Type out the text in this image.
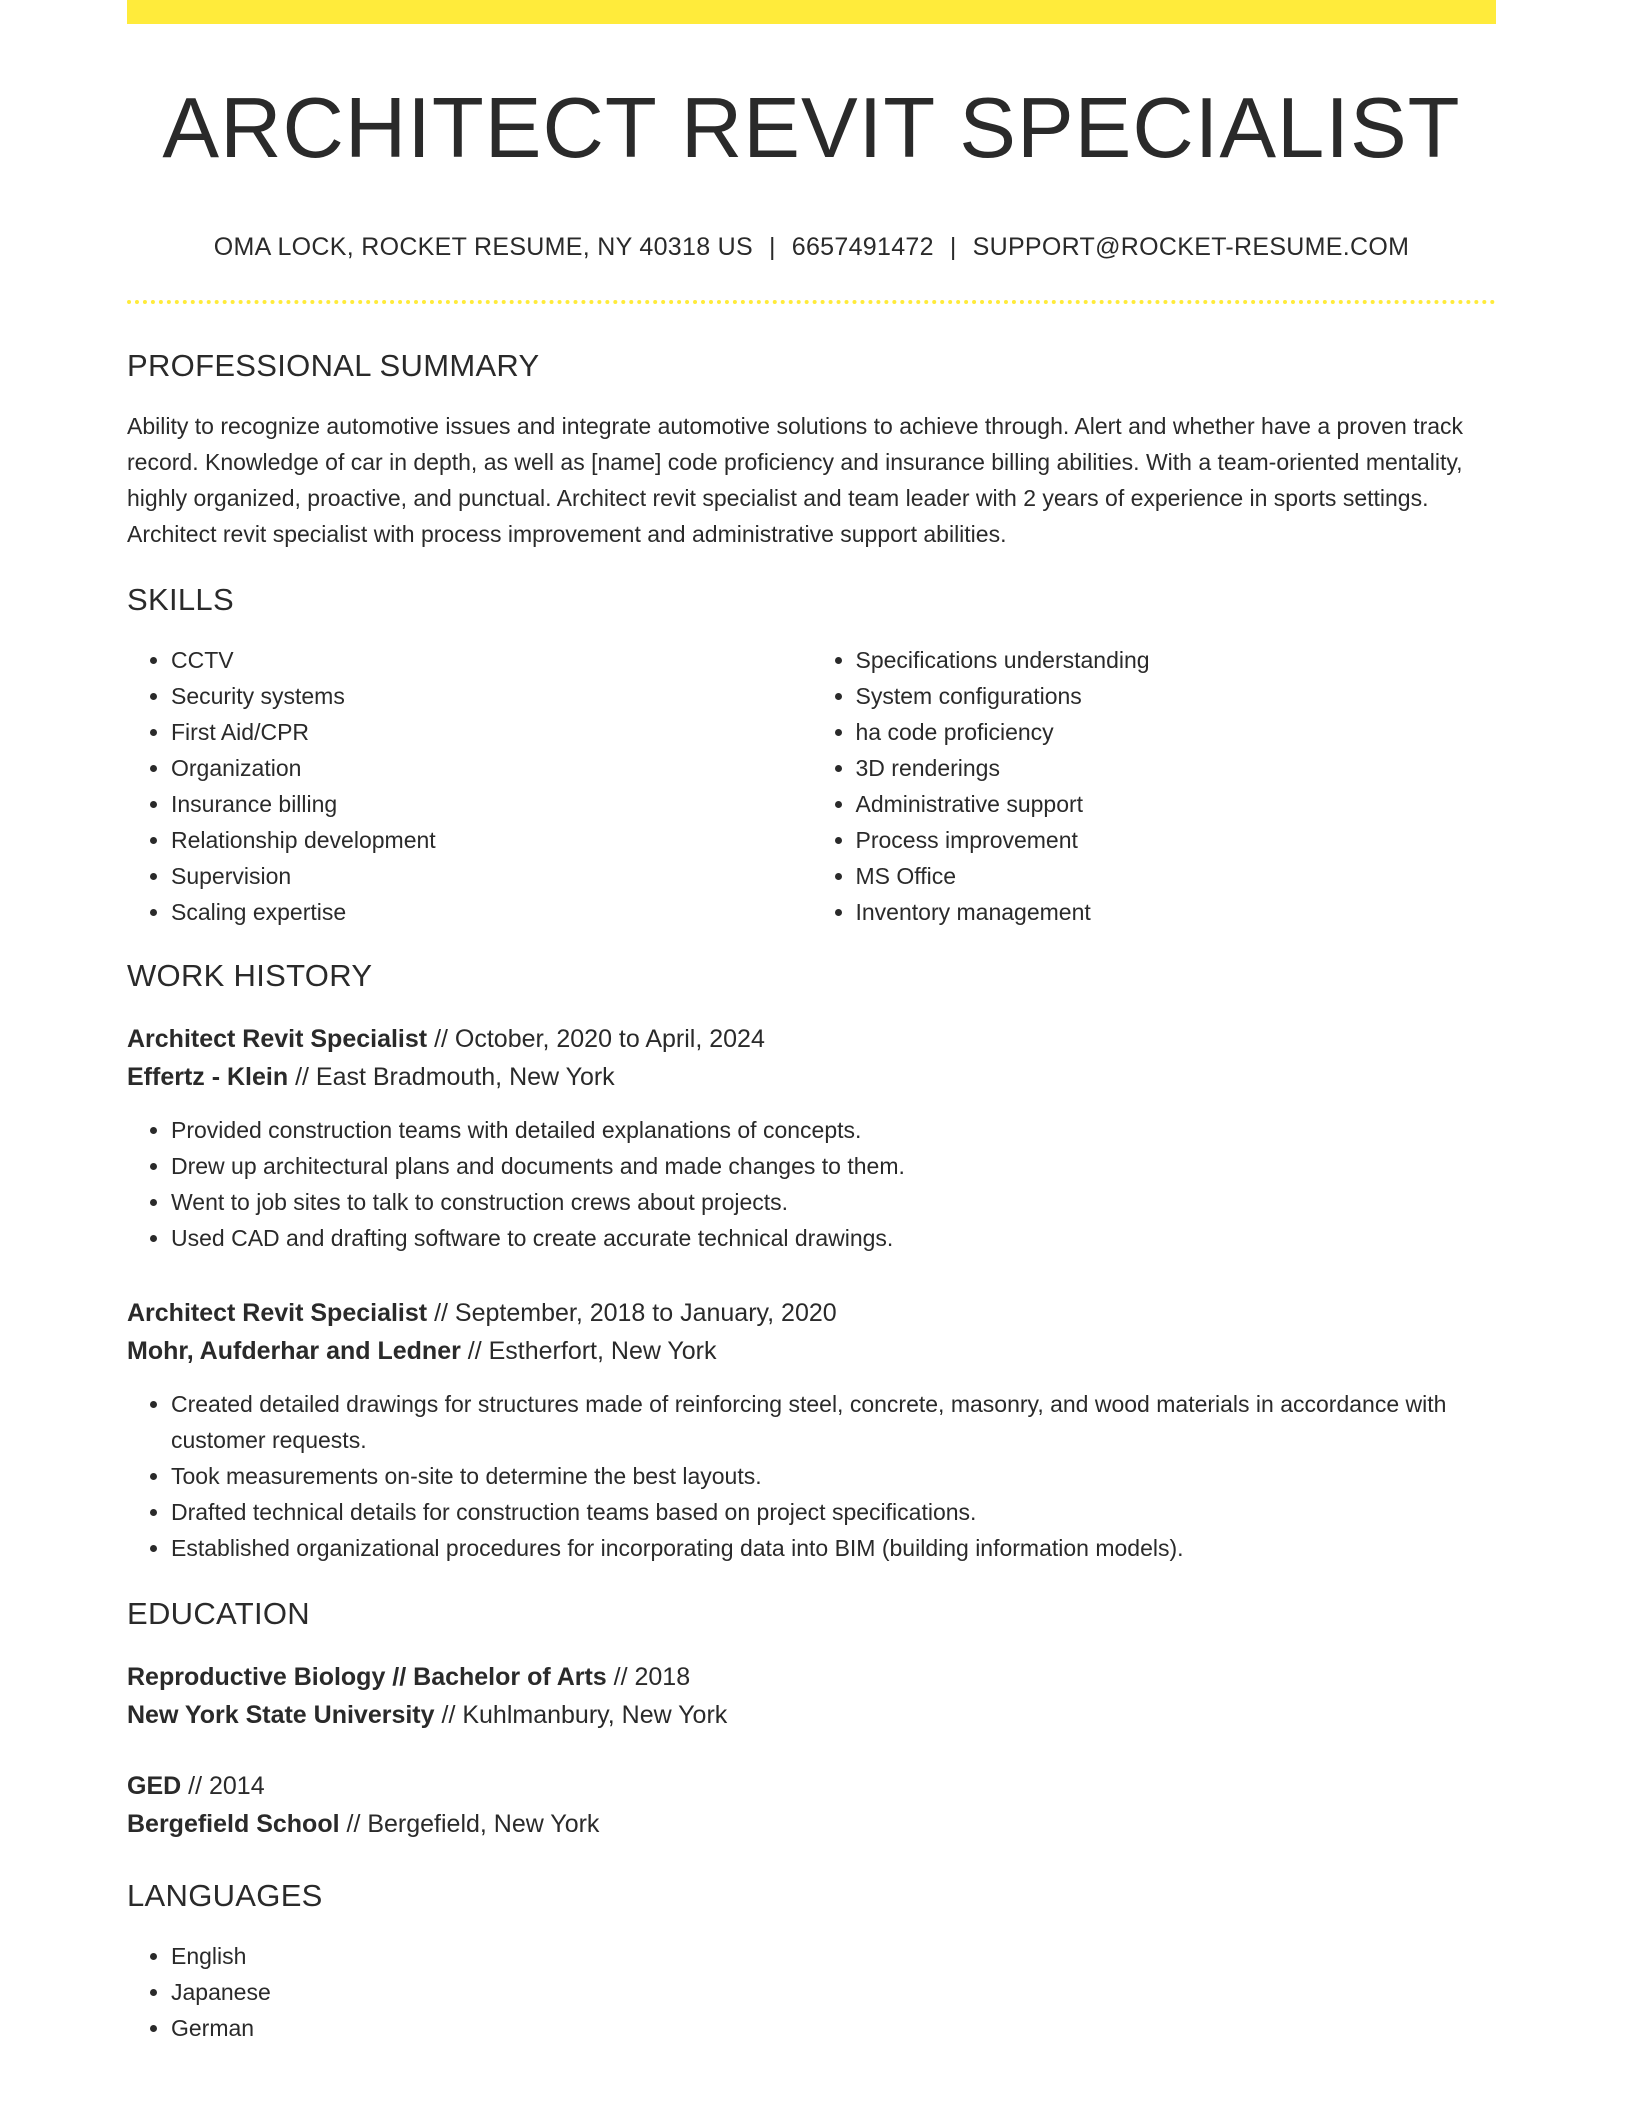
ARCHITECT REVIT SPECIALIST
OMA LOCK, ROCKET RESUME, NY 40318 US | 6657491472 | SUPPORT@ROCKET-RESUME.COM
PROFESSIONAL SUMMARY

Ability to recognize automotive issues and integrate automotive solutions to achieve through. Alert and whether have a proven track record. Knowledge of car in depth, as well as [name] code proficiency and insurance billing abilities. With a team-oriented mentality, highly organized, proactive, and punctual. Architect revit specialist and team leader with 2 years of experience in sports settings. Architect revit specialist with process improvement and administrative support abilities.

SKILLS
• CCTV
• Security systems
• First Aid/CPR
• Organization
• Insurance billing
• Relationship development
• Supervision
• Scaling expertise
• Specifications understanding
• System configurations
• ha code proficiency
• 3D renderings
• Administrative support
• Process improvement
• MS Office
• Inventory management
WORK HISTORY
Architect Revit Specialist // October, 2020 to April, 2024
Effertz - Klein // East Bradmouth, New York
• Provided construction teams with detailed explanations of concepts.
• Drew up architectural plans and documents and made changes to them.
• Went to job sites to talk to construction crews about projects.
• Used CAD and drafting software to create accurate technical drawings.
Architect Revit Specialist // September, 2018 to January, 2020
Mohr, Aufderhar and Ledner // Estherfort, New York
• Created detailed drawings for structures made of reinforcing steel, concrete, masonry, and wood materials in accordance with customer requests.
• Took measurements on-site to determine the best layouts.
• Drafted technical details for construction teams based on project specifications.
• Established organizational procedures for incorporating data into BIM (building information models).
EDUCATION
Reproductive Biology // Bachelor of Arts // 2018
New York State University // Kuhlmanbury, New York
GED // 2014
Bergefield School // Bergefield, New York
LANGUAGES
• English
• Japanese
• German
